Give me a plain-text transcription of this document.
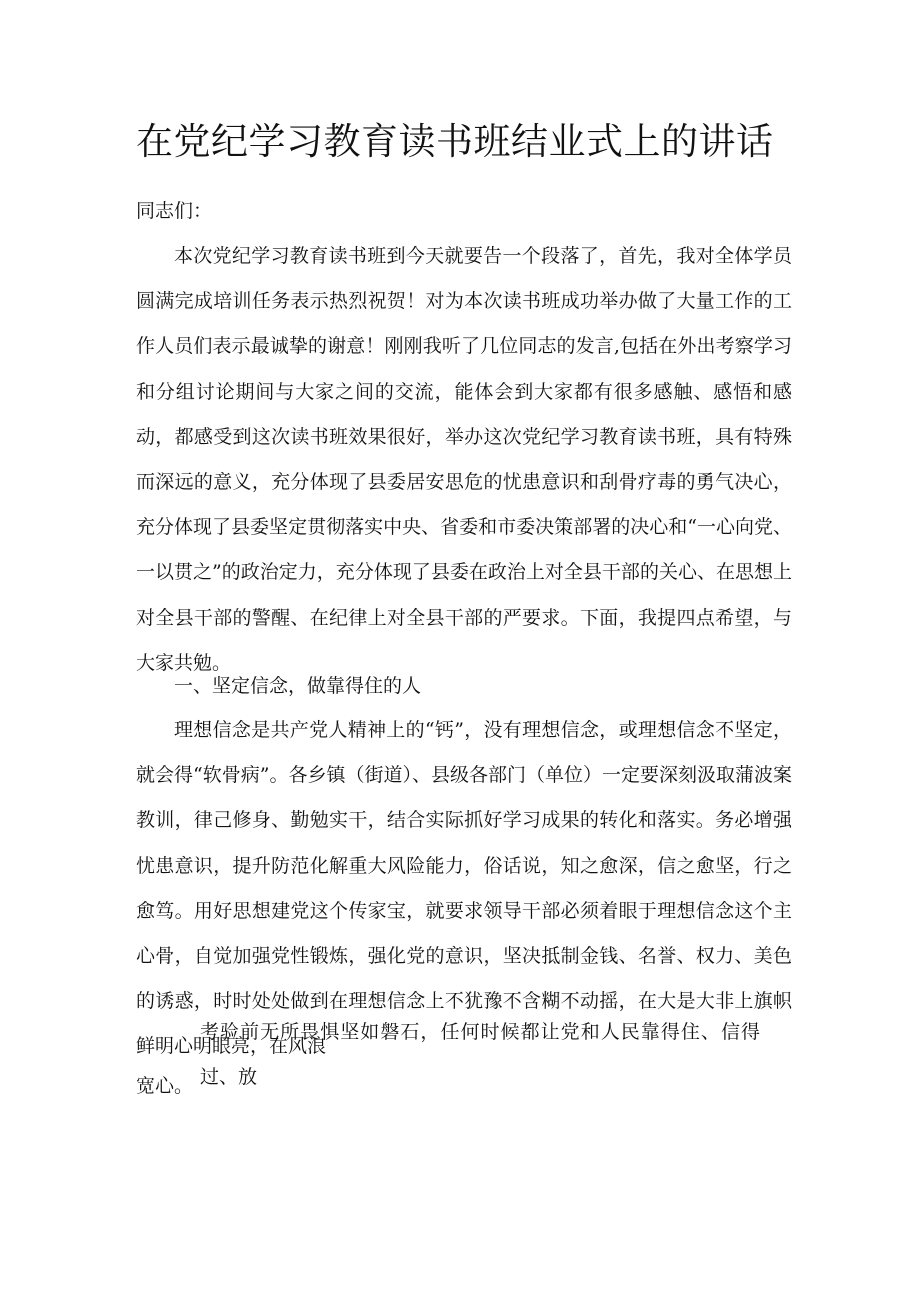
在党纪学习教育读书班结业式上的讲话

同志们：

本次党纪学习教育读书班到今天就要告一个段落了，首先，我对全体学员圆满完成培训任务表示热烈祝贺！对为本次读书班成功举办做了大量工作的工作人员们表示最诚挚的谢意！刚刚我听了几位同志的发言,包括在外出考察学习和分组讨论期间与大家之间的交流，能体会到大家都有很多感触、感悟和感动，都感受到这次读书班效果很好，举办这次党纪学习教育读书班，具有特殊而深远的意义，充分体现了县委居安思危的忧患意识和刮骨疗毒的勇气决心，充分体现了县委坚定贯彻落实中央、省委和市委决策部署的决心和“一心向党、一以贯之”的政治定力，充分体现了县委在政治上对全县干部的关心、在思想上对全县干部的警醒、在纪律上对全县干部的严要求。下面，我提四点希望，与大家共勉。

一、坚定信念，做靠得住的人

理想信念是共产党人精神上的“钙”，没有理想信念，或理想信念不坚定，就会得“软骨病”。各乡镇（街道）、县级各部门（单位）一定要深刻汲取蒲波案教训，律己修身、勤勉实干，结合实际抓好学习成果的转化和落实。务必增强忧患意识，提升防范化解重大风险能力，俗话说，知之愈深，信之愈坚，行之愈笃。用好思想建党这个传家宝，就要求领导干部必须着眼于理想信念这个主心骨，自觉加强党性锻炼，强化党的意识，坚决抵制金钱、名誉、权力、美色的诱惑，时时处处做到在理想信念上不犹豫不含糊不动摇，在大是大非上旗帜鲜明心明眼亮，在风浪

考验前无所畏惧坚如磐石，任何时候都让党和人民靠得住、信得过、放

宽心。
